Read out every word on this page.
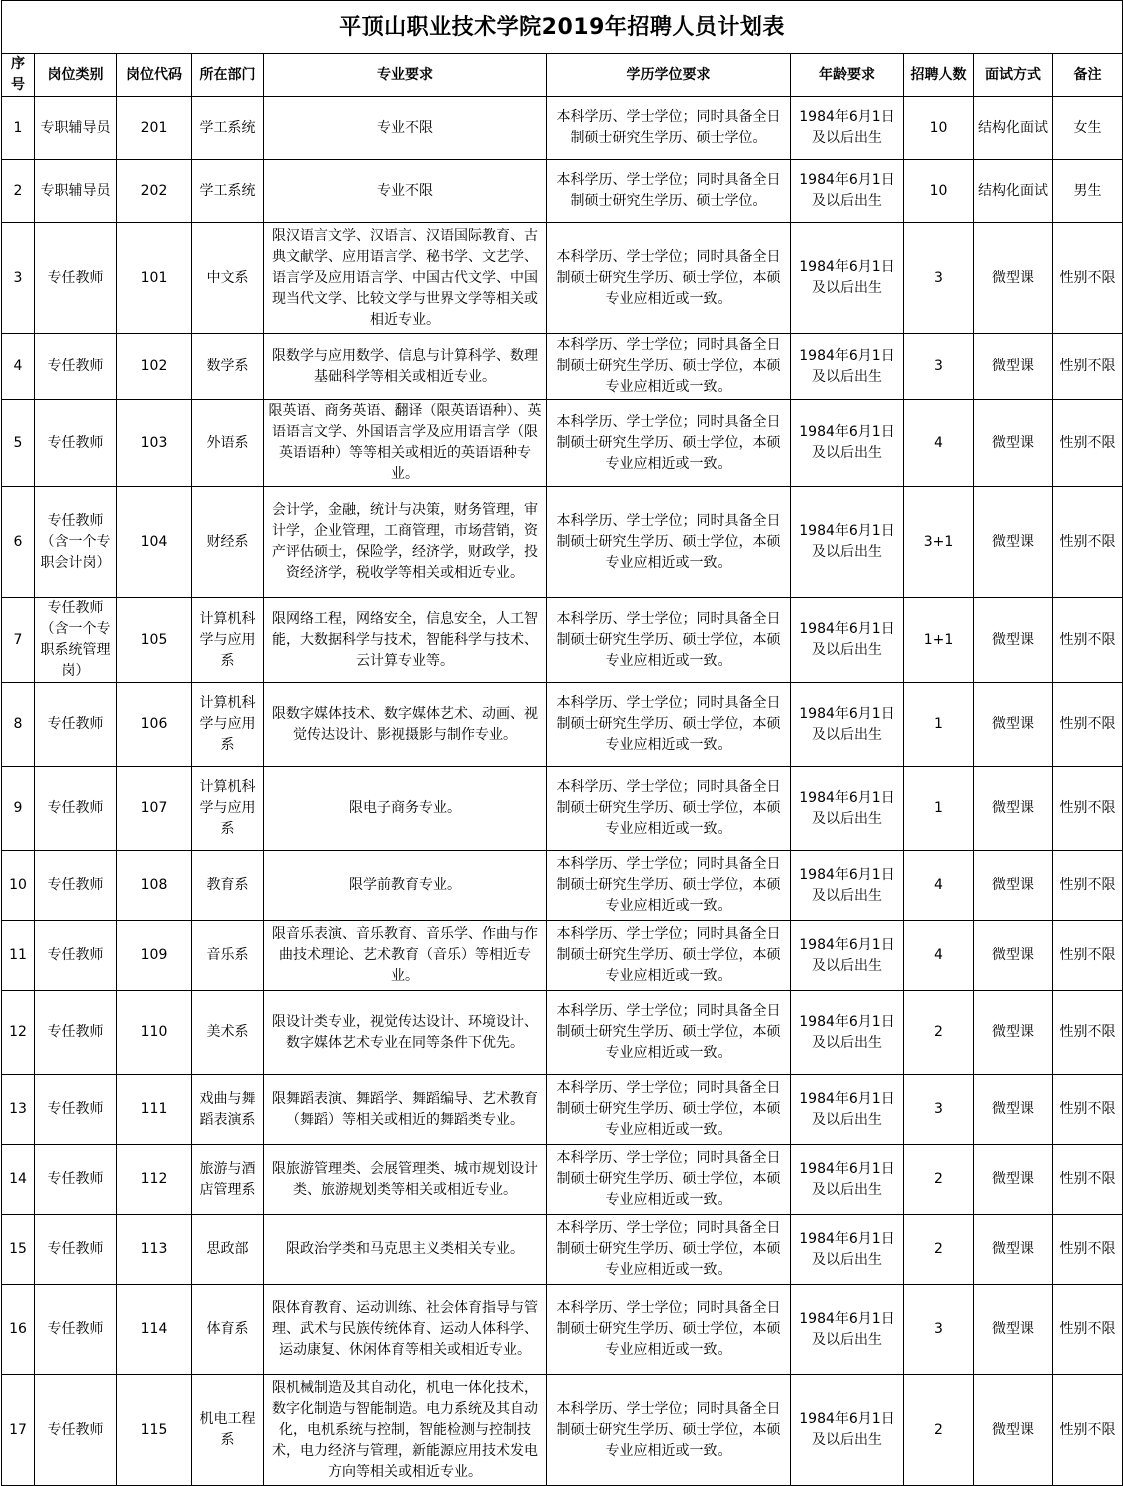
平顶山职业技术学院2019年招聘人员计划表									
序号	岗位类别	岗位代码	所在部门	专业要求	学历学位要求	年龄要求	招聘人数	面试方式	备注
1	专职辅导员	201	学工系统	专业不限	本科学历、学士学位；同时具备全日制硕士研究生学历、硕士学位。	1984年6月1日及以后出生	10	结构化面试	女生
2	专职辅导员	202	学工系统	专业不限	本科学历、学士学位；同时具备全日制硕士研究生学历、硕士学位。	1984年6月1日及以后出生	10	结构化面试	男生
3	专任教师	101	中文系	限汉语言文学、汉语言、汉语国际教育、古典文献学、应用语言学、秘书学、文艺学、语言学及应用语言学、中国古代文学、中国现当代文学、比较文学与世界文学等相关或相近专业。	本科学历、学士学位；同时具备全日制硕士研究生学历、硕士学位，本硕专业应相近或一致。	1984年6月1日及以后出生	3	微型课	性别不限
4	专任教师	102	数学系	限数学与应用数学、信息与计算科学、数理基础科学等相关或相近专业。	本科学历、学士学位；同时具备全日制硕士研究生学历、硕士学位，本硕专业应相近或一致。	1984年6月1日及以后出生	3	微型课	性别不限
5	专任教师	103	外语系	限英语、商务英语、翻译（限英语语种）、英语语言文学、外国语言学及应用语言学（限英语语种）等等相关或相近的英语语种专业。	本科学历、学士学位；同时具备全日制硕士研究生学历、硕士学位，本硕专业应相近或一致。	1984年6月1日及以后出生	4	微型课	性别不限
6	专任教师（含一个专职会计岗）	104	财经系	会计学，金融，统计与决策，财务管理，审计学，企业管理，工商管理，市场营销，资产评估硕士，保险学，经济学，财政学，投资经济学，税收学等相关或相近专业。	本科学历、学士学位；同时具备全日制硕士研究生学历、硕士学位，本硕专业应相近或一致。	1984年6月1日及以后出生	3+1	微型课	性别不限
7	专任教师（含一个专职系统管理岗）	105	计算机科学与应用系	限网络工程，网络安全，信息安全，人工智能，大数据科学与技术，智能科学与技术、云计算专业等。	本科学历、学士学位；同时具备全日制硕士研究生学历、硕士学位，本硕专业应相近或一致。	1984年6月1日及以后出生	1+1	微型课	性别不限
8	专任教师	106	计算机科学与应用系	限数字媒体技术、数字媒体艺术、动画、视觉传达设计、影视摄影与制作专业。	本科学历、学士学位；同时具备全日制硕士研究生学历、硕士学位，本硕专业应相近或一致。	1984年6月1日及以后出生	1	微型课	性别不限
9	专任教师	107	计算机科学与应用系	限电子商务专业。	本科学历、学士学位；同时具备全日制硕士研究生学历、硕士学位，本硕专业应相近或一致。	1984年6月1日及以后出生	1	微型课	性别不限
10	专任教师	108	教育系	限学前教育专业。	本科学历、学士学位；同时具备全日制硕士研究生学历、硕士学位，本硕专业应相近或一致。	1984年6月1日及以后出生	4	微型课	性别不限
11	专任教师	109	音乐系	限音乐表演、音乐教育、音乐学、作曲与作曲技术理论、艺术教育（音乐）等相近专业。	本科学历、学士学位；同时具备全日制硕士研究生学历、硕士学位，本硕专业应相近或一致。	1984年6月1日及以后出生	4	微型课	性别不限
12	专任教师	110	美术系	限设计类专业，视觉传达设计、环境设计、数字媒体艺术专业在同等条件下优先。	本科学历、学士学位；同时具备全日制硕士研究生学历、硕士学位，本硕专业应相近或一致。	1984年6月1日及以后出生	2	微型课	性别不限
13	专任教师	111	戏曲与舞蹈表演系	限舞蹈表演、舞蹈学、舞蹈编导、艺术教育（舞蹈）等相关或相近的舞蹈类专业。	本科学历、学士学位；同时具备全日制硕士研究生学历、硕士学位，本硕专业应相近或一致。	1984年6月1日及以后出生	3	微型课	性别不限
14	专任教师	112	旅游与酒店管理系	限旅游管理类、会展管理类、城市规划设计类、旅游规划类等相关或相近专业。	本科学历、学士学位；同时具备全日制硕士研究生学历、硕士学位，本硕专业应相近或一致。	1984年6月1日及以后出生	2	微型课	性别不限
15	专任教师	113	思政部	限政治学类和马克思主义类相关专业。	本科学历、学士学位；同时具备全日制硕士研究生学历、硕士学位，本硕专业应相近或一致。	1984年6月1日及以后出生	2	微型课	性别不限
16	专任教师	114	体育系	限体育教育、运动训练、社会体育指导与管理、武术与民族传统体育、运动人体科学、运动康复、休闲体育等相关或相近专业。	本科学历、学士学位；同时具备全日制硕士研究生学历、硕士学位，本硕专业应相近或一致。	1984年6月1日及以后出生	3	微型课	性别不限
17	专任教师	115	机电工程系	限机械制造及其自动化，机电一体化技术，数字化制造与智能制造。电力系统及其自动化，电机系统与控制，智能检测与控制技术，电力经济与管理，新能源应用技术发电方向等相关或相近专业。	本科学历、学士学位；同时具备全日制硕士研究生学历、硕士学位，本硕专业应相近或一致。	1984年6月1日及以后出生	2	微型课	性别不限
